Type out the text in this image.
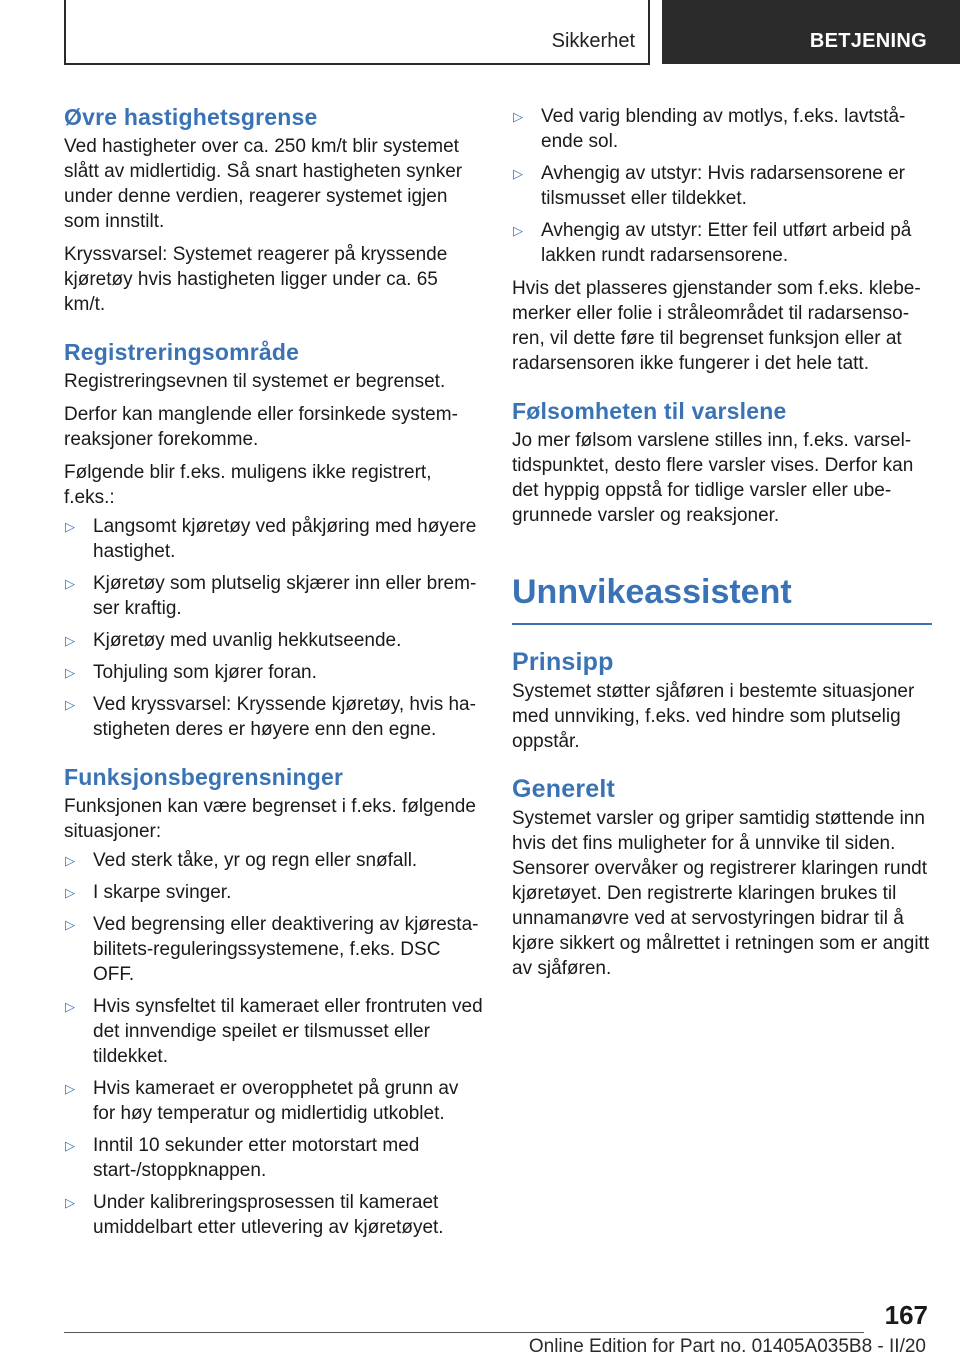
Sikkerhet	BETJENING
Øvre hastighetsgrense

Ved hastigheter over ca. 250 km/t blir systemet slått av midlertidig. Så snart hastigheten synker under denne verdien, reagerer systemet igjen som innstilt.

Kryssvarsel: Systemet reagerer på kryssende kjøretøy hvis hastigheten ligger under ca. 65 km/t.

Registreringsområde

Registreringsevnen til systemet er begrenset.

Derfor kan manglende eller forsinkede systemreaksjoner forekomme.

Følgende blir f.eks. muligens ikke registrert, f.eks.:

▷ Langsomt kjøretøy ved påkjøring med høyere hastighet.
▷ Kjøretøy som plutselig skjærer inn eller bremser kraftig.
▷ Kjøretøy med uvanlig hekkutseende.
▷ Tohjuling som kjører foran.
▷ Ved kryssvarsel: Kryssende kjøretøy, hvis hastigheten deres er høyere enn den egne.
Funksjonsbegrensninger

Funksjonen kan være begrenset i f.eks. følgende situasjoner:

▷ Ved sterk tåke, yr og regn eller snøfall.
▷ I skarpe svinger.
▷ Ved begrensing eller deaktivering av kjørestabilitets-reguleringssystemene, f.eks. DSC OFF.
▷ Hvis synsfeltet til kameraet eller frontruten ved det innvendige speilet er tilsmusset eller tildekket.
▷ Hvis kameraet er overopphetet på grunn av for høy temperatur og midlertidig utkoblet.
▷ Inntil 10 sekunder etter motorstart med start-/stoppknappen.
▷ Under kalibreringsprosessen til kameraet umiddelbart etter utlevering av kjøretøyet.
▷ Ved varig blending av motlys, f.eks. lavtstående sol.
▷ Avhengig av utstyr: Hvis radarsensorene er tilsmusset eller tildekket.
▷ Avhengig av utstyr: Etter feil utført arbeid på lakken rundt radarsensorene.

Hvis det plasseres gjenstander som f.eks. klebemerker eller folie i stråleområdet til radarsensoren, vil dette føre til begrenset funksjon eller at radarsensoren ikke fungerer i det hele tatt.

Følsomheten til varslene

Jo mer følsom varslene stilles inn, f.eks. varseltidspunktet, desto flere varsler vises. Derfor kan det hyppig oppstå for tidlige varsler eller ubegrunnede varsler og reaksjoner.

Unnvikeassistent
Prinsipp

Systemet støtter sjåføren i bestemte situasjoner med unnviking, f.eks. ved hindre som plutselig oppstår.

Generelt

Systemet varsler og griper samtidig støttende inn hvis det fins muligheter for å unnvike til siden. Sensorer overvåker og registrerer klaringen rundt kjøretøyet. Den registrerte klaringen brukes til unnamanøvre ved at servostyringen bidrar til å kjøre sikkert og målrettet i retningen som er angitt av sjåføren.

167
Online Edition for Part no. 01405A035B8 - II/20
